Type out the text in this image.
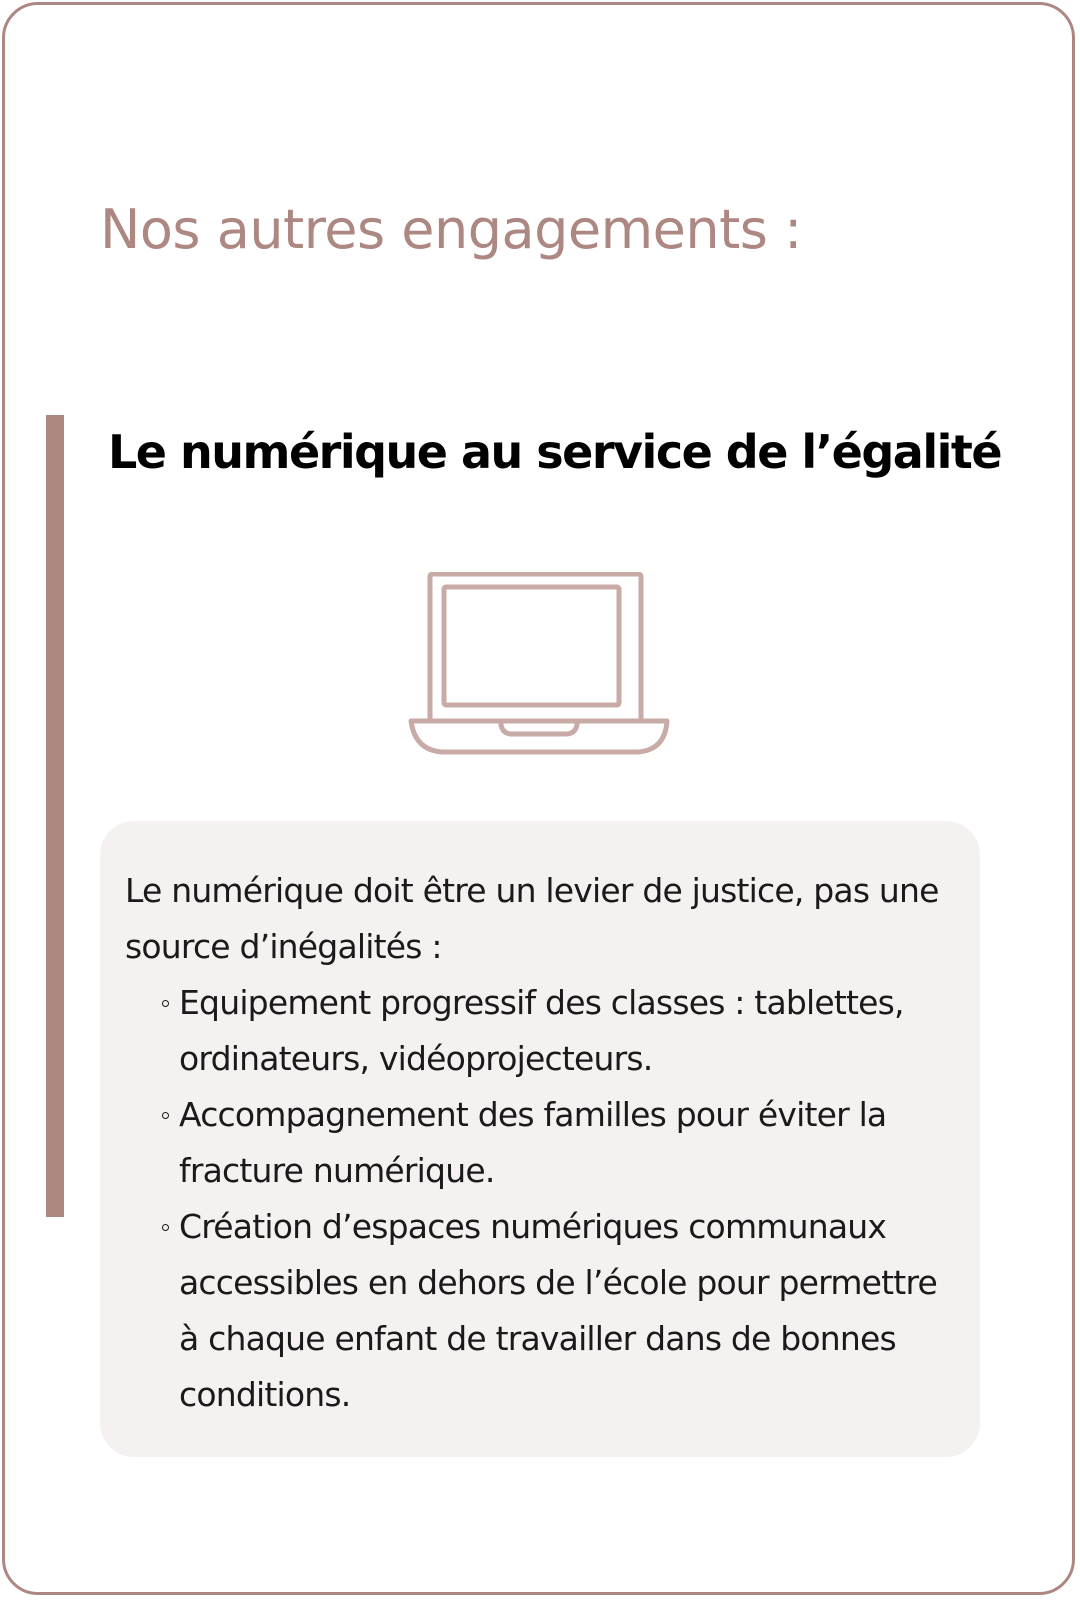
Nos autres engagements :
Le numérique au service de l’égalité

Le numérique doit être un levier de justice, pas une source d’inégalités :

Equipement progressif des classes : tablettes, ordinateurs, vidéoprojecteurs.
Accompagnement des familles pour éviter la fracture numérique.
Création d’espaces numériques communaux accessibles en dehors de l’école pour permettre à chaque enfant de travailler dans de bonnes conditions.
